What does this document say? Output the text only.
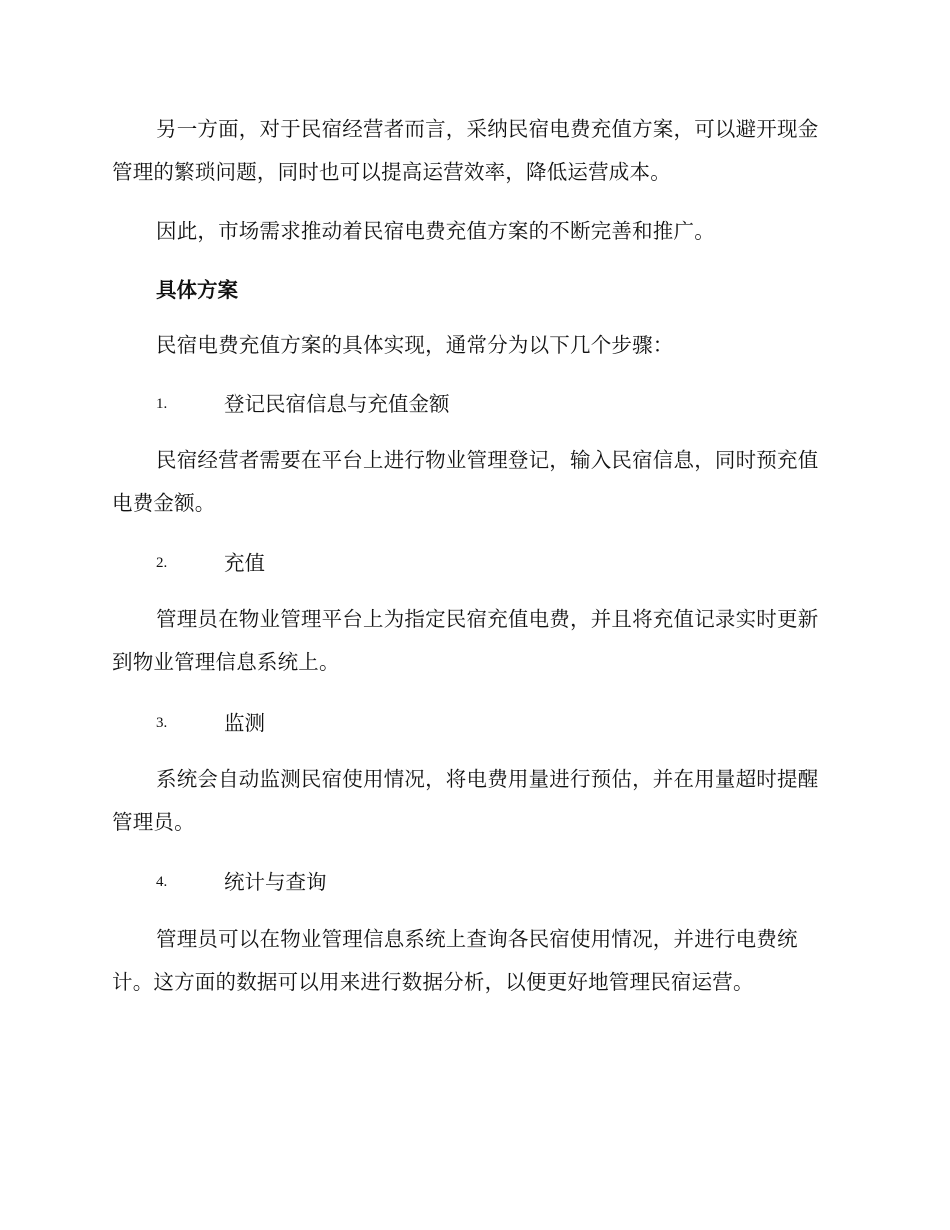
另一方面，对于民宿经营者而言，采纳民宿电费充值方案，可以避开现金管理的繁琐问题，同时也可以提高运营效率，降低运营成本。

因此，市场需求推动着民宿电费充值方案的不断完善和推广。

具体方案

民宿电费充值方案的具体实现，通常分为以下几个步骤：

1.	登记民宿信息与充值金额

民宿经营者需要在平台上进行物业管理登记，输入民宿信息，同时预充值电费金额。

2.	充值

管理员在物业管理平台上为指定民宿充值电费，并且将充值记录实时更新到物业管理信息系统上。

3.	监测

系统会自动监测民宿使用情况，将电费用量进行预估，并在用量超时提醒管理员。

4.	统计与查询

管理员可以在物业管理信息系统上查询各民宿使用情况，并进行电费统计。这方面的数据可以用来进行数据分析，以便更好地管理民宿运营。
